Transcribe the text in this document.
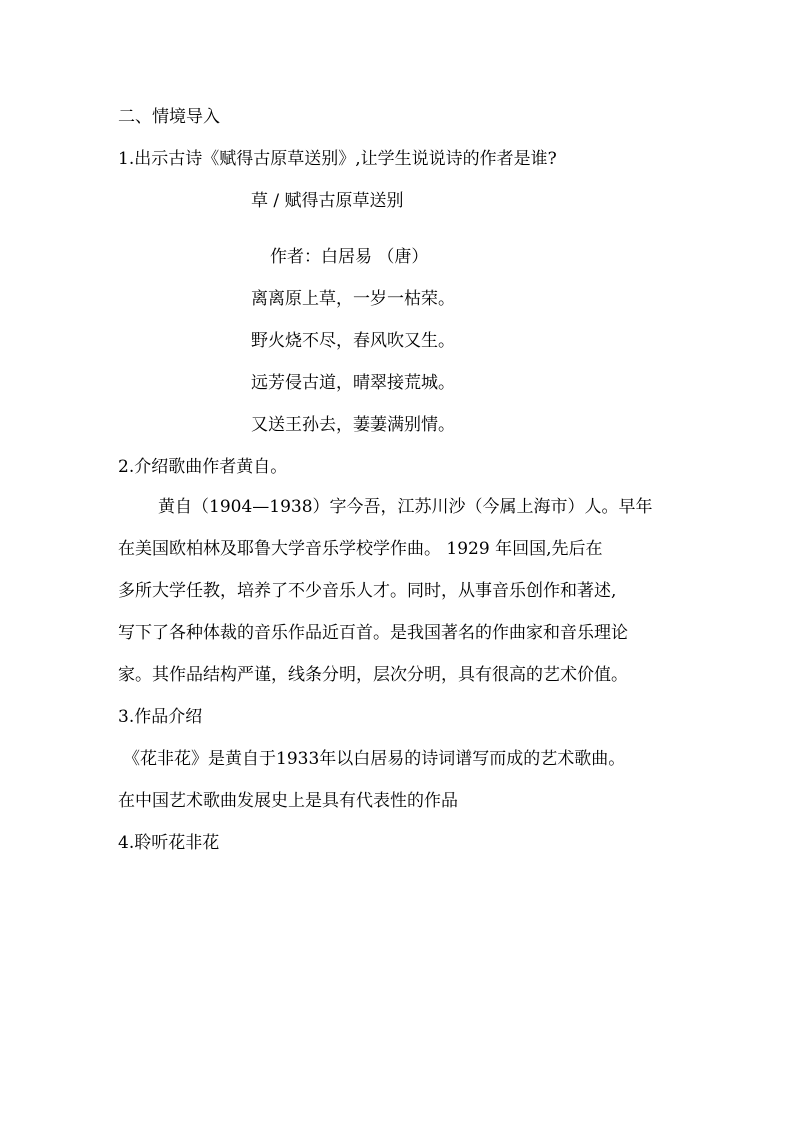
二、情境导入

1.出示古诗《赋得古原草送别》,让学生说说诗的作者是谁?

草 / 赋得古原草送别

作者：白居易 （唐）

离离原上草，一岁一枯荣。

野火烧不尽，春风吹又生。

远芳侵古道，晴翠接荒城。

又送王孙去，萋萋满别情。

2.介绍歌曲作者黄自。

黄自（1904—1938）字今吾，江苏川沙（今属上海市）人。早年

在美国欧柏林及耶鲁大学音乐学校学作曲。 1929 年回国,先后在

多所大学任教，培养了不少音乐人才。同时，从事音乐创作和著述,

写下了各种体裁的音乐作品近百首。是我国著名的作曲家和音乐理论

家。其作品结构严谨，线条分明，层次分明，具有很高的艺术价值。

3.作品介绍

《花非花》是黄自于1933年以白居易的诗词谱写而成的艺术歌曲。

在中国艺术歌曲发展史上是具有代表性的作品

4.聆听花非花
